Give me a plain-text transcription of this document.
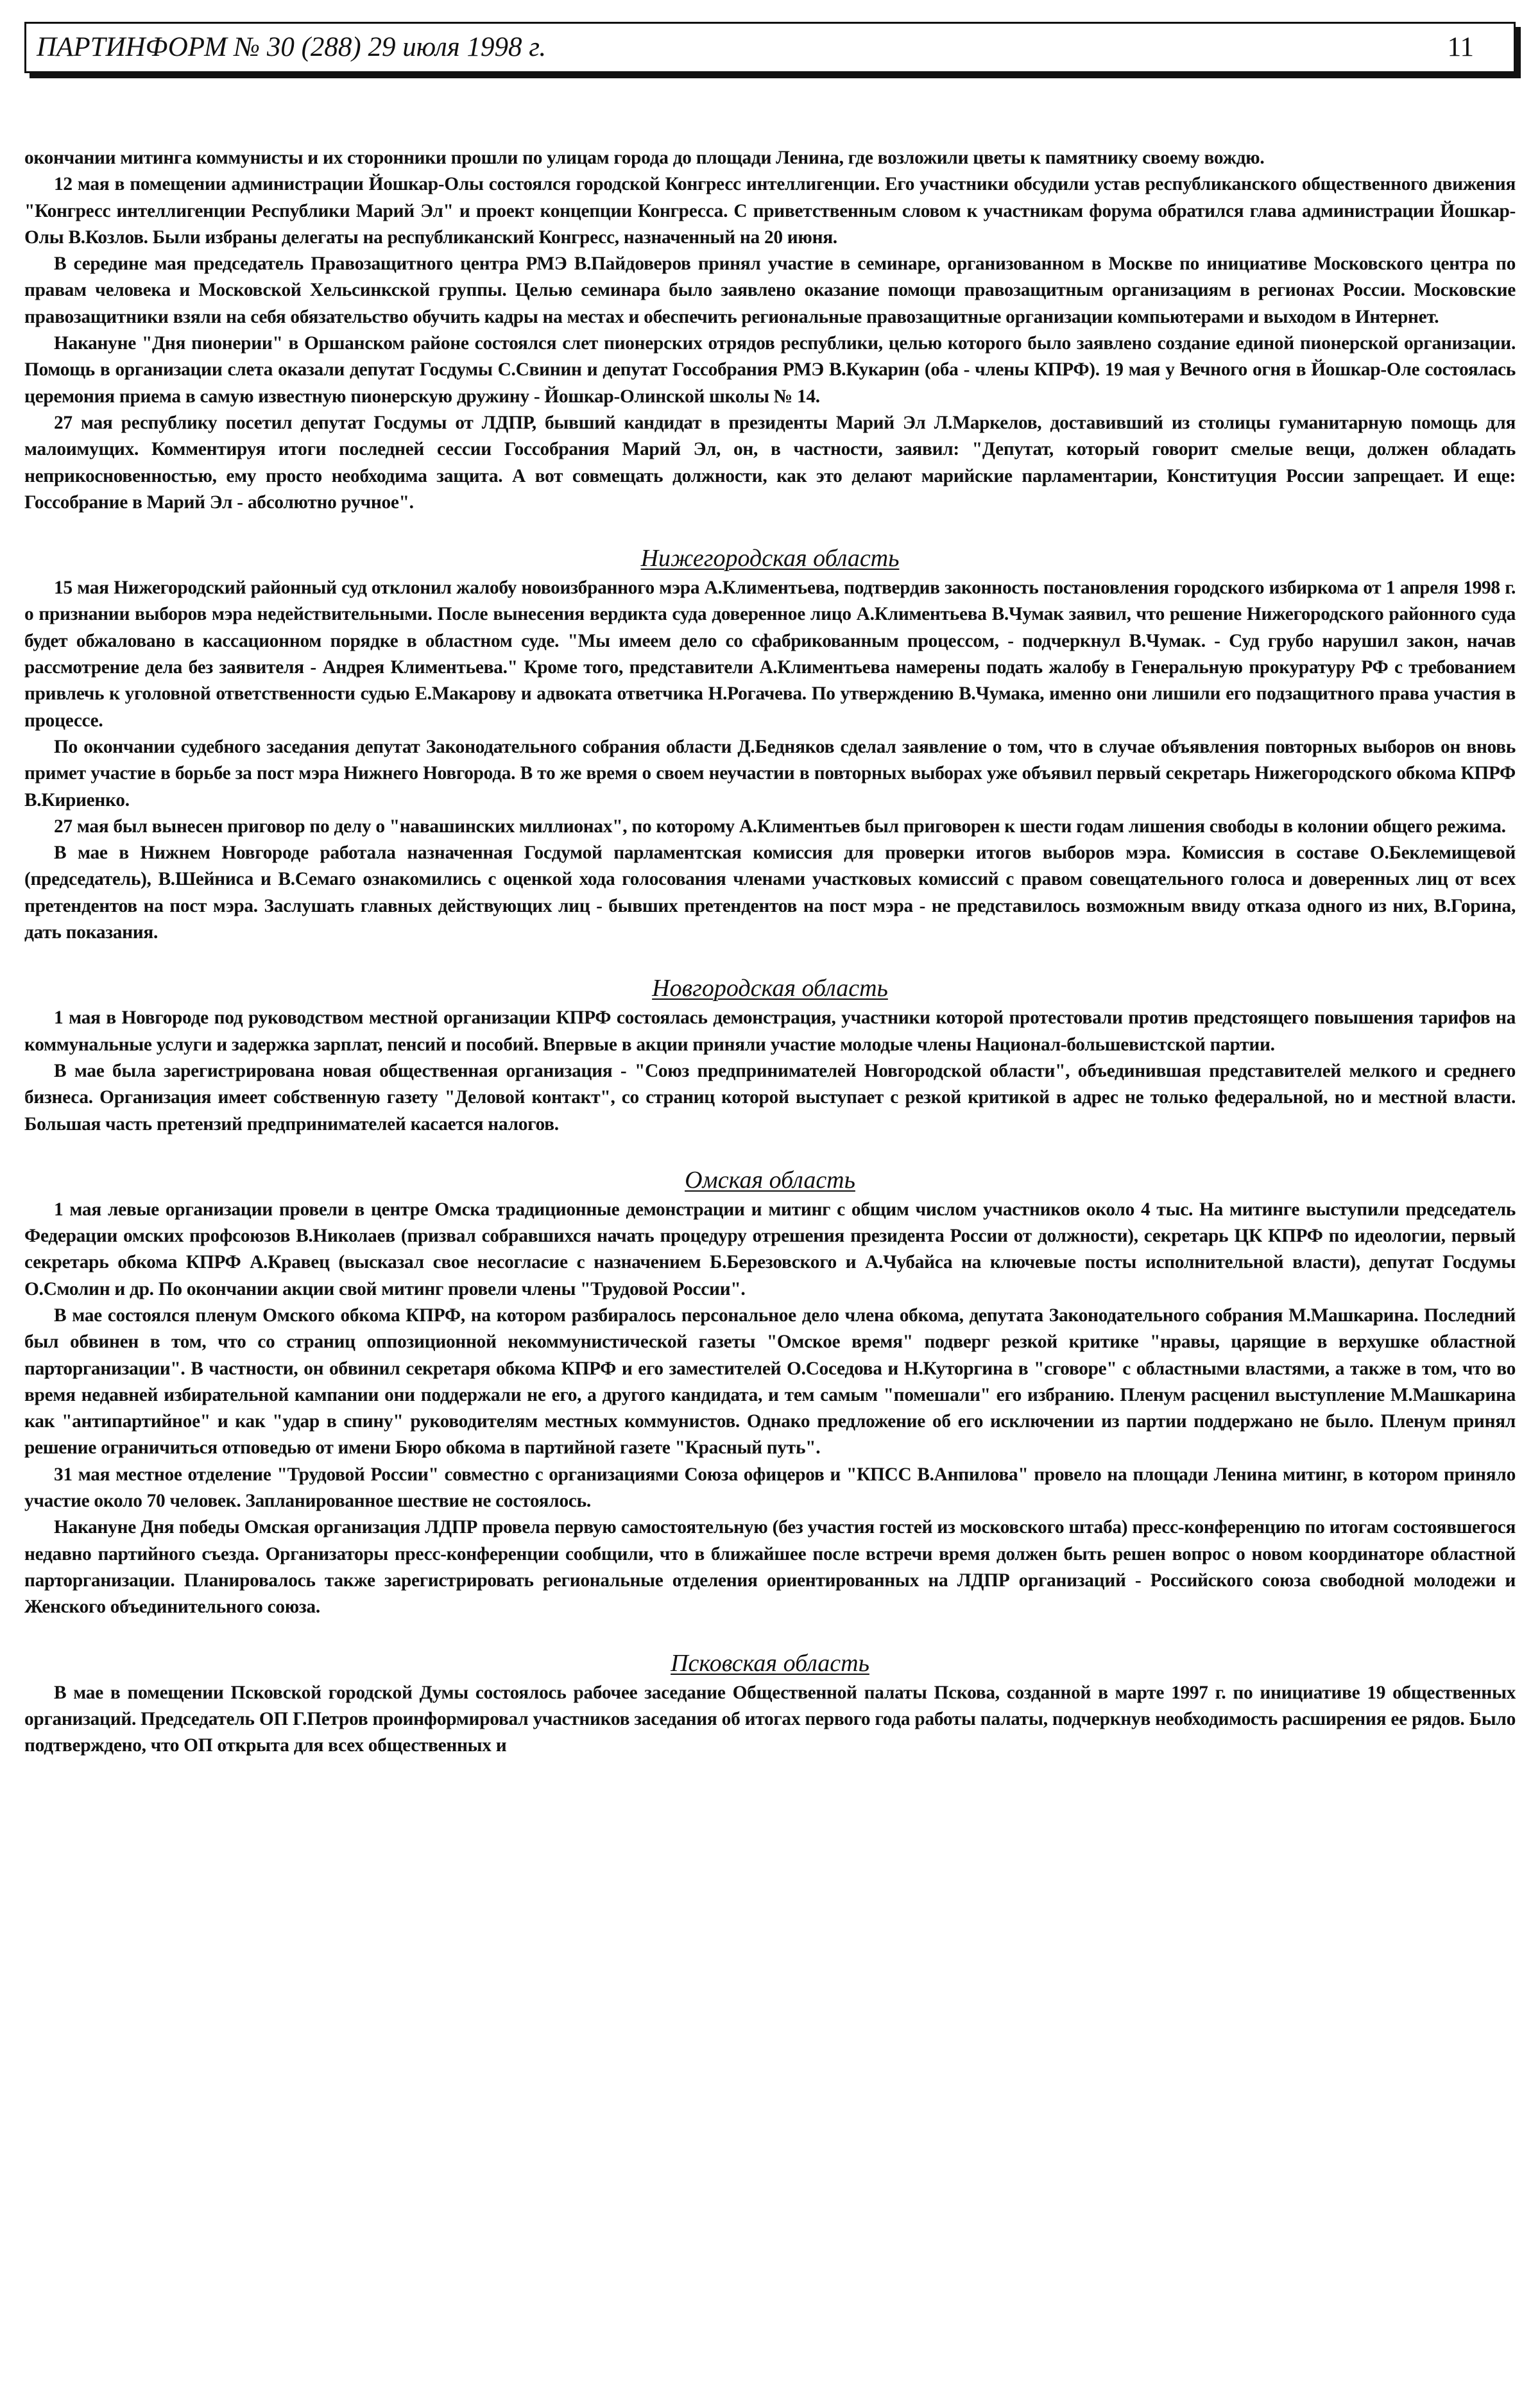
ПАРТИНФОРМ № 30 (288) 29 июля 1998 г.	11

окончании митинга коммунисты и их сторонники прошли по улицам города до площади Ленина, где возложили цветы к памятнику своему вождю.

12 мая в помещении администрации Йошкар-Олы состоялся городской Конгресс интеллигенции. Его участники обсудили устав республиканского общественного движения "Конгресс интеллигенции Республики Марий Эл" и проект концепции Конгресса. С приветственным словом к участникам форума обратился глава администрации Йошкар-Олы В.Козлов. Были избраны делегаты на республиканский Конгресс, назначенный на 20 июня.

В середине мая председатель Правозащитного центра РМЭ В.Пайдоверов принял участие в семинаре, организованном в Москве по инициативе Московского центра по правам человека и Московской Хельсинкской группы. Целью семинара было заявлено оказание помощи правозащитным организациям в регионах России. Московские правозащитники взяли на себя обязательство обучить кадры на местах и обеспечить региональные правозащитные организации компьютерами и выходом в Интернет.

Накануне "Дня пионерии" в Оршанском районе состоялся слет пионерских отрядов республики, целью которого было заявлено создание единой пионерской организации. Помощь в организации слета оказали депутат Госдумы С.Свинин и депутат Госсобрания РМЭ В.Кукарин (оба - члены КПРФ). 19 мая у Вечного огня в Йошкар-Оле состоялась церемония приема в самую известную пионерскую дружину - Йошкар-Олинской школы № 14.

27 мая республику посетил депутат Госдумы от ЛДПР, бывший кандидат в президенты Марий Эл Л.Маркелов, доставивший из столицы гуманитарную помощь для малоимущих. Комментируя итоги последней сессии Госсобрания Марий Эл, он, в частности, заявил: "Депутат, который говорит смелые вещи, должен обладать неприкосновенностью, ему просто необходима защита. А вот совмещать должности, как это делают марийские парламентарии, Конституция России запрещает. И еще: Госсобрание в Марий Эл - абсолютно ручное".

Нижегородская область

15 мая Нижегородский районный суд отклонил жалобу новоизбранного мэра А.Климентьева, подтвердив законность постановления городского избиркома от 1 апреля 1998 г. о признании выборов мэра недействительными. После вынесения вердикта суда доверенное лицо А.Климентьева В.Чумак заявил, что решение Нижегородского районного суда будет обжаловано в кассационном порядке в областном суде. "Мы имеем дело со сфабрикованным процессом, - подчеркнул В.Чумак. - Суд грубо нарушил закон, начав рассмотрение дела без заявителя - Андрея Климентьева." Кроме того, представители А.Климентьева намерены подать жалобу в Генеральную прокуратуру РФ с требованием привлечь к уголовной ответственности судью Е.Макарову и адвоката ответчика Н.Рогачева. По утверждению В.Чумака, именно они лишили его подзащитного права участия в процессе.

По окончании судебного заседания депутат Законодательного собрания области Д.Бедняков сделал заявление о том, что в случае объявления повторных выборов он вновь примет участие в борьбе за пост мэра Нижнего Новгорода. В то же время о своем неучастии в повторных выборах уже объявил первый секретарь Нижегородского обкома КПРФ В.Кириенко.

27 мая был вынесен приговор по делу о "навашинских миллионах", по которому А.Климентьев был приговорен к шести годам лишения свободы в колонии общего режима.

В мае в Нижнем Новгороде работала назначенная Госдумой парламентская комиссия для проверки итогов выборов мэра. Комиссия в составе О.Беклемищевой (председатель), В.Шейниса и В.Семаго ознакомились с оценкой хода голосования членами участковых комиссий с правом совещательного голоса и доверенных лиц от всех претендентов на пост мэра. Заслушать главных действующих лиц - бывших претендентов на пост мэра - не представилось возможным ввиду отказа одного из них, В.Горина, дать показания.

Новгородская область

1 мая в Новгороде под руководством местной организации КПРФ состоялась демонстрация, участники которой протестовали против предстоящего повышения тарифов на коммунальные услуги и задержка зарплат, пенсий и пособий. Впервые в акции приняли участие молодые члены Национал-большевистской партии.

В мае была зарегистрирована новая общественная организация - "Союз предпринимателей Новгородской области", объединившая представителей мелкого и среднего бизнеса. Организация имеет собственную газету "Деловой контакт", со страниц которой выступает с резкой критикой в адрес не только федеральной, но и местной власти. Большая часть претензий предпринимателей касается налогов.

Омская область

1 мая левые организации провели в центре Омска традиционные демонстрации и митинг с общим числом участников около 4 тыс. На митинге выступили председатель Федерации омских профсоюзов В.Николаев (призвал собравшихся начать процедуру отрешения президента России от должности), секретарь ЦК КПРФ по идеологии, первый секретарь обкома КПРФ А.Кравец (высказал свое несогласие с назначением Б.Березовского и А.Чубайса на ключевые посты исполнительной власти), депутат Госдумы О.Смолин и др. По окончании акции свой митинг провели члены "Трудовой России".

В мае состоялся пленум Омского обкома КПРФ, на котором разбиралось персональное дело члена обкома, депутата Законодательного собрания М.Машкарина. Последний был обвинен в том, что со страниц оппозиционной некоммунистической газеты "Омское время" подверг резкой критике "нравы, царящие в верхушке областной парторганизации". В частности, он обвинил секретаря обкома КПРФ и его заместителей О.Соседова и Н.Куторгина в "сговоре" с областными властями, а также в том, что во время недавней избирательной кампании они поддержали не его, а другого кандидата, и тем самым "помешали" его избранию. Пленум расценил выступление М.Машкарина как "антипартийное" и как "удар в спину" руководителям местных коммунистов. Однако предложение об его исключении из партии поддержано не было. Пленум принял решение ограничиться отповедью от имени Бюро обкома в партийной газете "Красный путь".

31 мая местное отделение "Трудовой России" совместно с организациями Союза офицеров и "КПСС В.Анпилова" провело на площади Ленина митинг, в котором приняло участие около 70 человек. Запланированное шествие не состоялось.

Накануне Дня победы Омская организация ЛДПР провела первую самостоятельную (без участия гостей из московского штаба) пресс-конференцию по итогам состоявшегося недавно партийного съезда. Организаторы пресс-конференции сообщили, что в ближайшее после встречи время должен быть решен вопрос о новом координаторе областной парторганизации. Планировалось также зарегистрировать региональные отделения ориентированных на ЛДПР организаций - Российского союза свободной молодежи и Женского объединительного союза.

Псковская область

В мае в помещении Псковской городской Думы состоялось рабочее заседание Общественной палаты Пскова, созданной в марте 1997 г. по инициативе 19 общественных организаций. Председатель ОП Г.Петров проинформировал участников заседания об итогах первого года работы палаты, подчеркнув необходимость расширения ее рядов. Было подтверждено, что ОП открыта для всех общественных и
